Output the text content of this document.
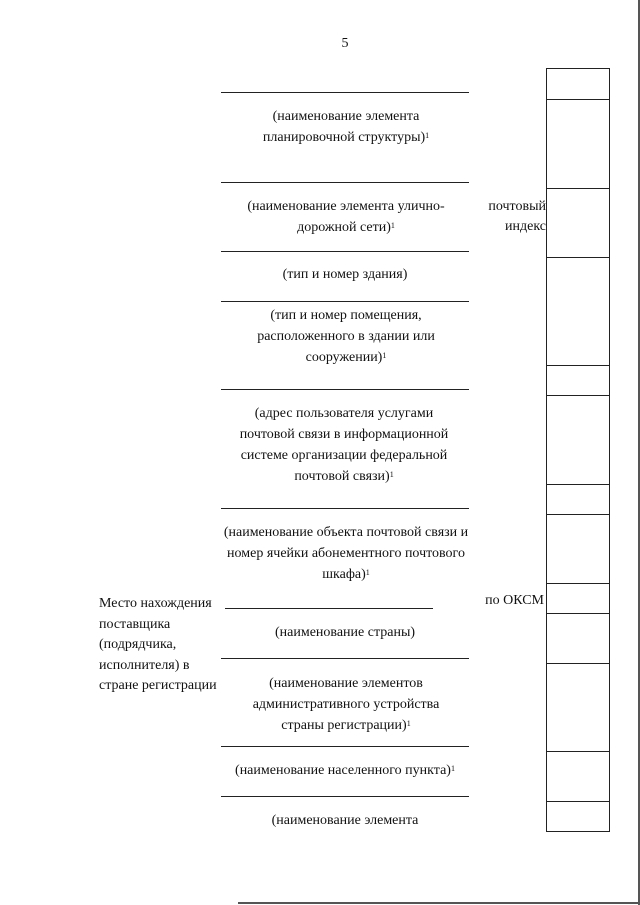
5
(наименование элемента планировочной структуры)$^1$
(наименование элемента улично-дорожной сети)$^1$
(тип и номер здания)
(тип и номер помещения, расположенного в здании или сооружении)$^1$
(адрес пользователя услугами почтовой связи в информационной системе организации федеральной почтовой связи)$^1$
(наименование объекта почтовой связи и номер ячейки абонементного почтового шкафа)$^1$
(наименование страны)
(наименование элементов административного устройства страны регистрации)$^1$
(наименование населенного пункта)$^1$
(наименование элемента
почтовый индекс
по ОКСМ
Место нахождения поставщика (подрядчика, исполнителя) в стране регистрации
